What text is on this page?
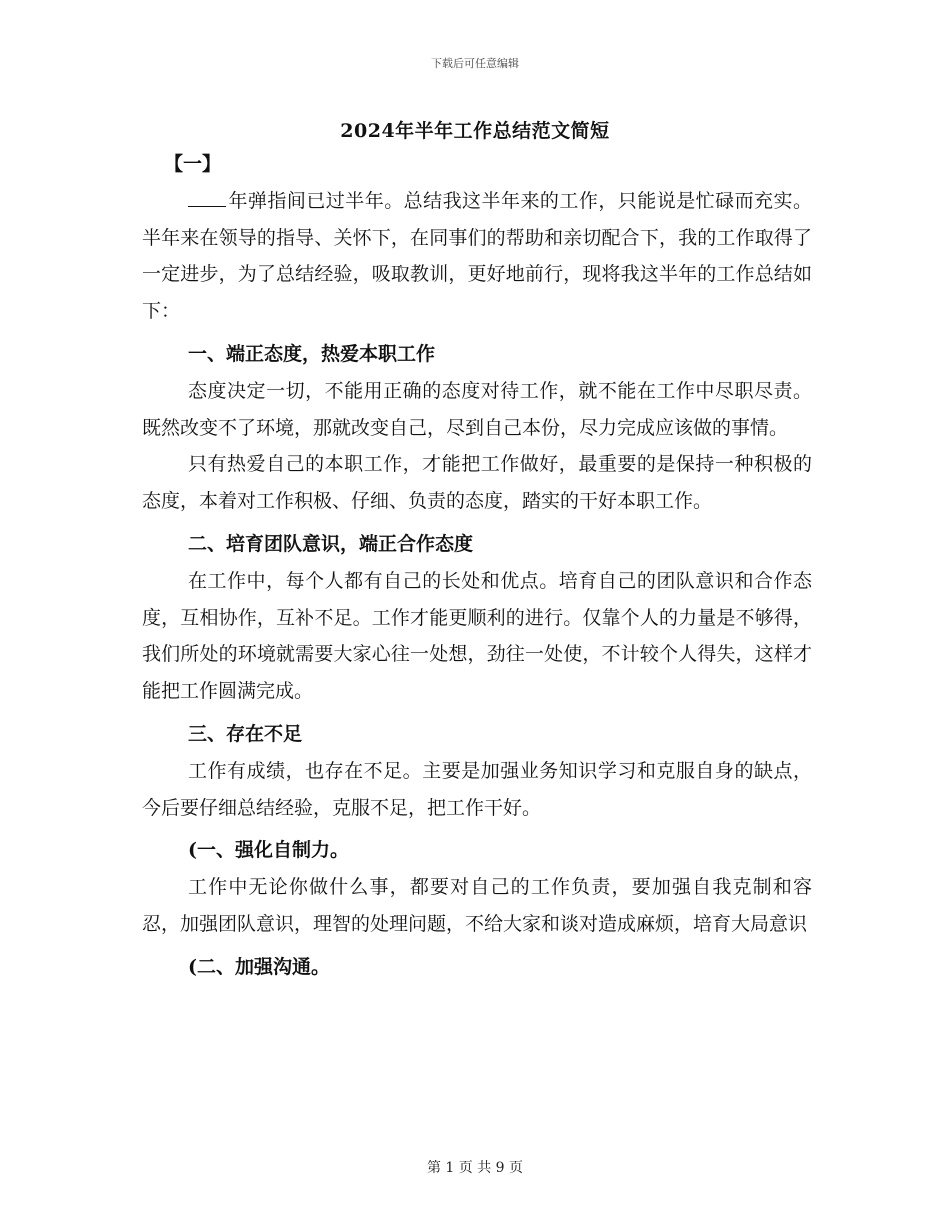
下载后可任意编辑
2024年半年工作总结范文简短

【一】

年弹指间已过半年。总结我这半年来的工作，只能说是忙碌而充实。半年来在领导的指导、关怀下，在同事们的帮助和亲切配合下，我的工作取得了一定进步，为了总结经验，吸取教训，更好地前行，现将我这半年的工作总结如下：

一、端正态度，热爱本职工作

态度决定一切，不能用正确的态度对待工作，就不能在工作中尽职尽责。既然改变不了环境，那就改变自己，尽到自己本份，尽力完成应该做的事情。

只有热爱自己的本职工作，才能把工作做好，最重要的是保持一种积极的态度，本着对工作积极、仔细、负责的态度，踏实的干好本职工作。

二、培育团队意识，端正合作态度

在工作中，每个人都有自己的长处和优点。培育自己的团队意识和合作态度，互相协作，互补不足。工作才能更顺利的进行。仅靠个人的力量是不够得，我们所处的环境就需要大家心往一处想，劲往一处使，不计较个人得失，这样才能把工作圆满完成。

三、存在不足

工作有成绩，也存在不足。主要是加强业务知识学习和克服自身的缺点，今后要仔细总结经验，克服不足，把工作干好。

(一、强化自制力。

工作中无论你做什么事，都要对自己的工作负责，要加强自我克制和容忍，加强团队意识，理智的处理问题，不给大家和谈对造成麻烦，培育大局意识

(二、加强沟通。

第 1 页 共 9 页
